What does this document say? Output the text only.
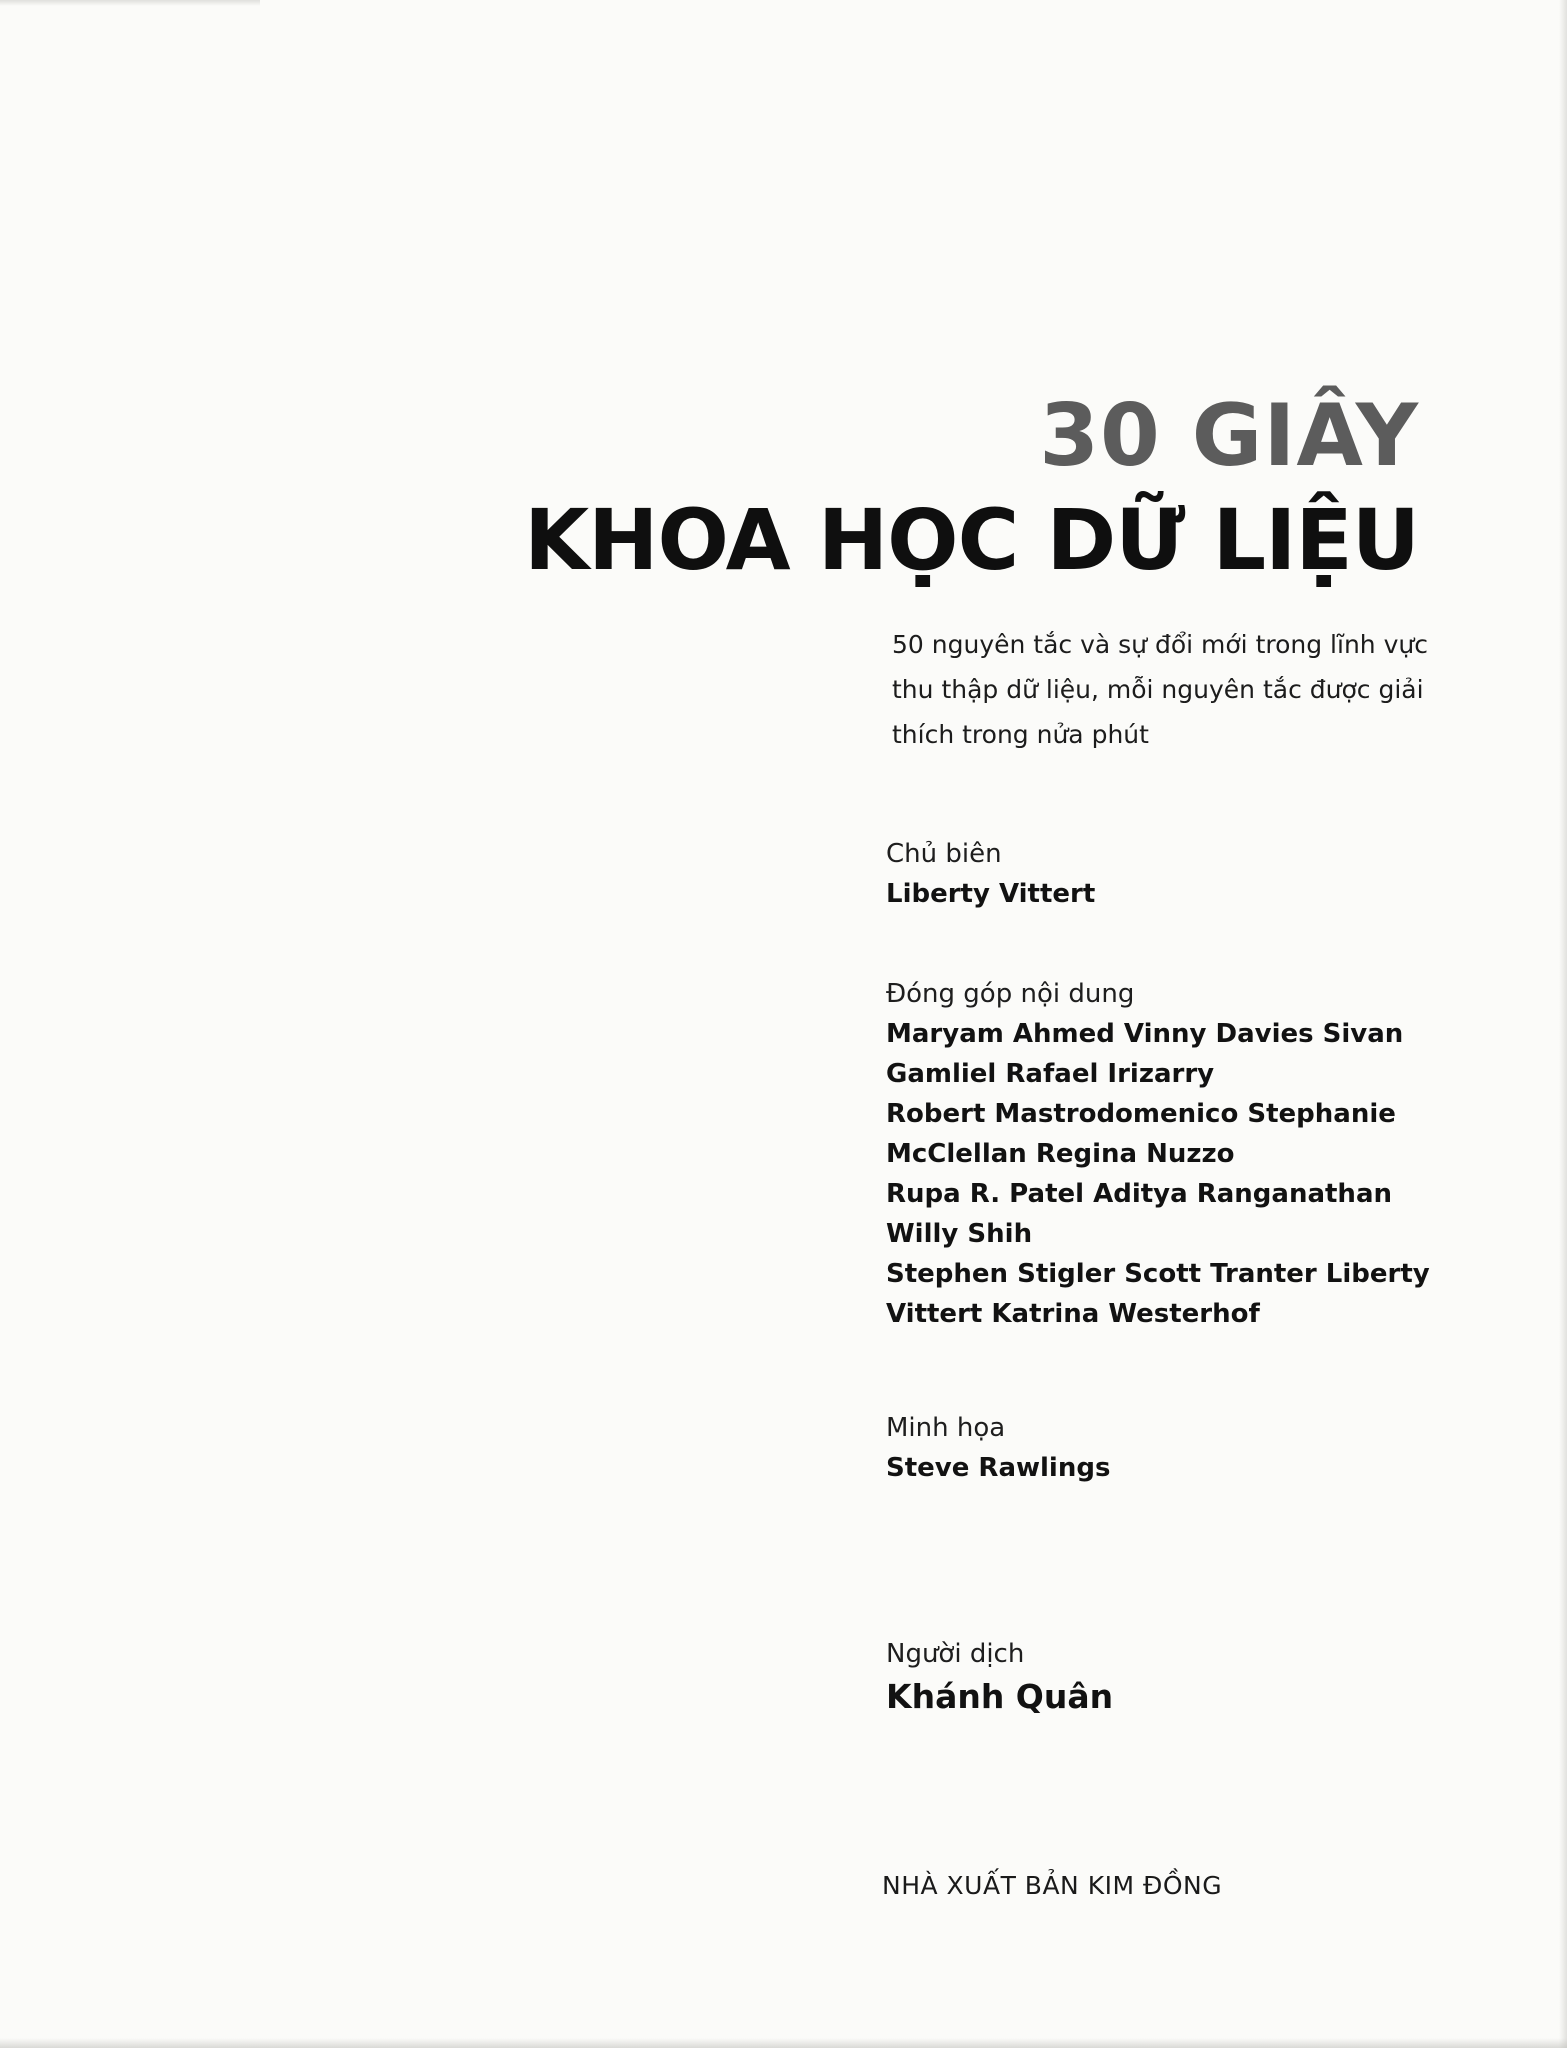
30 GIÂY
KHOA HỌC DỮ LIỆU
50 nguyên tắc và sự đổi mới trong lĩnh vực
thu thập dữ liệu, mỗi nguyên tắc được giải
thích trong nửa phút
Chủ biên
Liberty Vittert
Đóng góp nội dung
Maryam Ahmed Vinny Davies Sivan
Gamliel Rafael Irizarry
Robert Mastrodomenico Stephanie
McClellan Regina Nuzzo
Rupa R. Patel Aditya Ranganathan
Willy Shih
Stephen Stigler Scott Tranter Liberty
Vittert Katrina Westerhof
Minh họa
Steve Rawlings
Người dịch
Khánh Quân
NHÀ XUẤT BẢN KIM ĐỒNG
